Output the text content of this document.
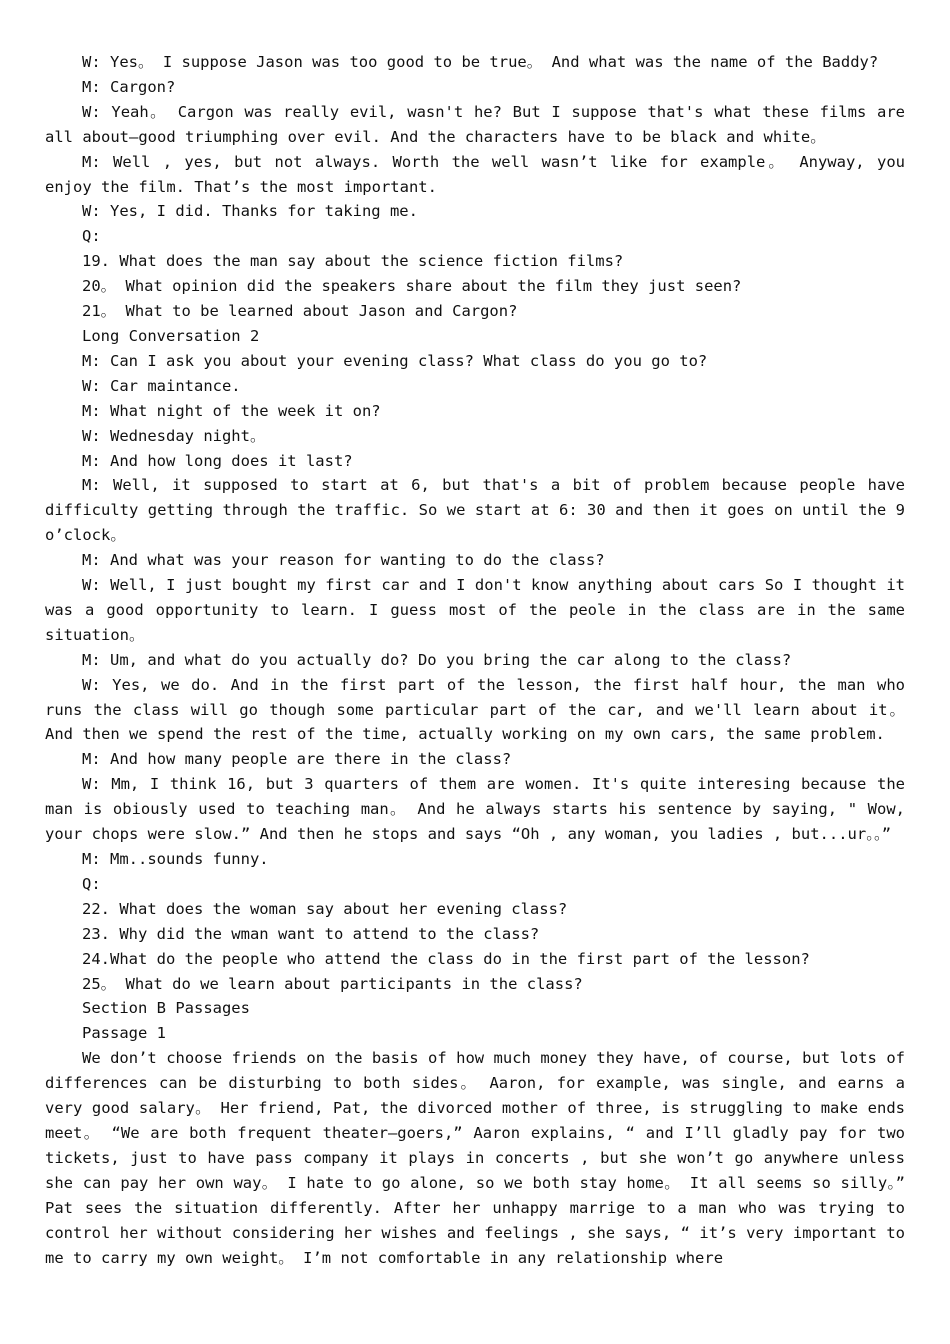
W: Yes。 I suppose Jason was too good to be true。 And what was the name of the Baddy?

M: Cargon?

W: Yeah。 Cargon was really evil, wasn't he? But I suppose that's what these films are all about—good triumphing over evil. And the characters have to be black and white。

M: Well , yes, but not always. Worth the well wasn’t like for example。 Anyway, you enjoy the film. That’s the most important.

W: Yes, I did. Thanks for taking me.

Q:

19. What does the man say about the science fiction films?

20。 What opinion did the speakers share about the film they just seen?

21。 What to be learned about Jason and Cargon?

Long Conversation 2

M: Can I ask you about your evening class? What class do you go to?

W: Car maintance.

M: What night of the week it on?

W: Wednesday night。

M: And how long does it last?

M: Well, it supposed to start at 6, but that's a bit of problem because people have difficulty getting through the traffic. So we start at 6: 30 and then it goes on until the 9 o’clock。

M: And what was your reason for wanting to do the class?

W: Well, I just bought my first car and I don't know anything about cars So I thought it was a good opportunity to learn. I guess most of the peole in the class are in the same situation。

M: Um, and what do you actually do? Do you bring the car along to the class?

W: Yes, we do. And in the first part of the lesson, the first half hour, the man who runs the class will go though some particular part of the car, and we'll learn about it。 And then we spend the rest of the time, actually working on my own cars, the same problem.

M: And how many people are there in the class?

W: Mm, I think 16, but 3 quarters of them are women. It's quite interesing because the man is obiously used to teaching man。 And he always starts his sentence by saying, " Wow, your chops were slow.” And then he stops and says “Oh , any woman, you ladies , but...ur。。”

M: Mm..sounds funny.

Q:

22. What does the woman say about her evening class?

23. Why did the wman want to attend to the class?

24.What do the people who attend the class do in the first part of the lesson?

25。 What do we learn about participants in the class?

Section B Passages

Passage 1

We don’t choose friends on the basis of how much money they have, of course, but lots of differences can be disturbing to both sides。 Aaron, for example, was single, and earns a very good salary。 Her friend, Pat, the divorced mother of three, is struggling to make ends meet。 “We are both frequent theater—goers,” Aaron explains, “ and I’ll gladly pay for two tickets, just to have pass company it plays in concerts , but she won’t go anywhere unless she can pay her own way。 I hate to go alone, so we both stay home。 It all seems so silly。” Pat sees the situation differently. After her unhappy marrige to a man who was trying to control her without considering her wishes and feelings , she says, “ it’s very important to me to carry my own weight。 I’m not comfortable in any relationship where
